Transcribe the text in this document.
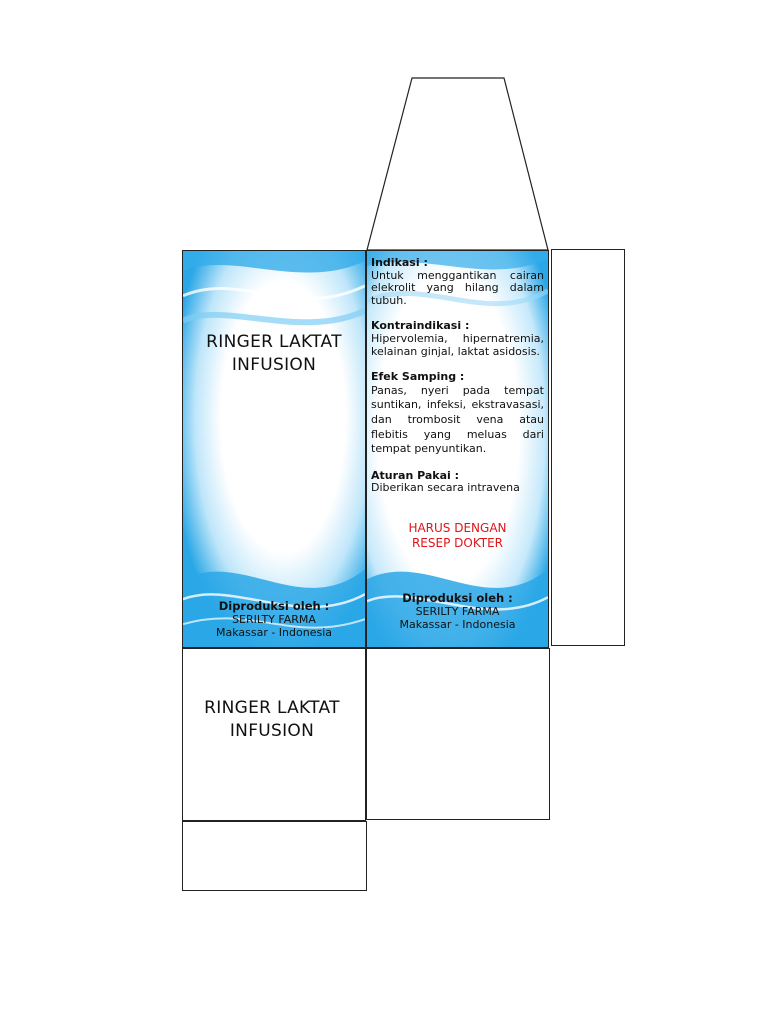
RINGER LAKTAT
INFUSION
Diproduksi oleh :
SERILTY FARMA
Makassar - Indonesia
Indikasi :
Untuk menggantikan cairan elekrolit yang hilang dalam tubuh.
Kontraindikasi :
Hipervolemia, hipernatremia, kelainan ginjal, laktat asidosis.
Efek Samping :
Panas, nyeri pada tempat suntikan, infeksi, ekstravasasi, dan trombosit vena atau flebitis yang meluas dari tempat penyuntikan.
Aturan Pakai :
Diberikan secara intravena
HARUS DENGAN
RESEP DOKTER
Diproduksi oleh :
SERILTY FARMA
Makassar - Indonesia
RINGER LAKTAT
INFUSION
